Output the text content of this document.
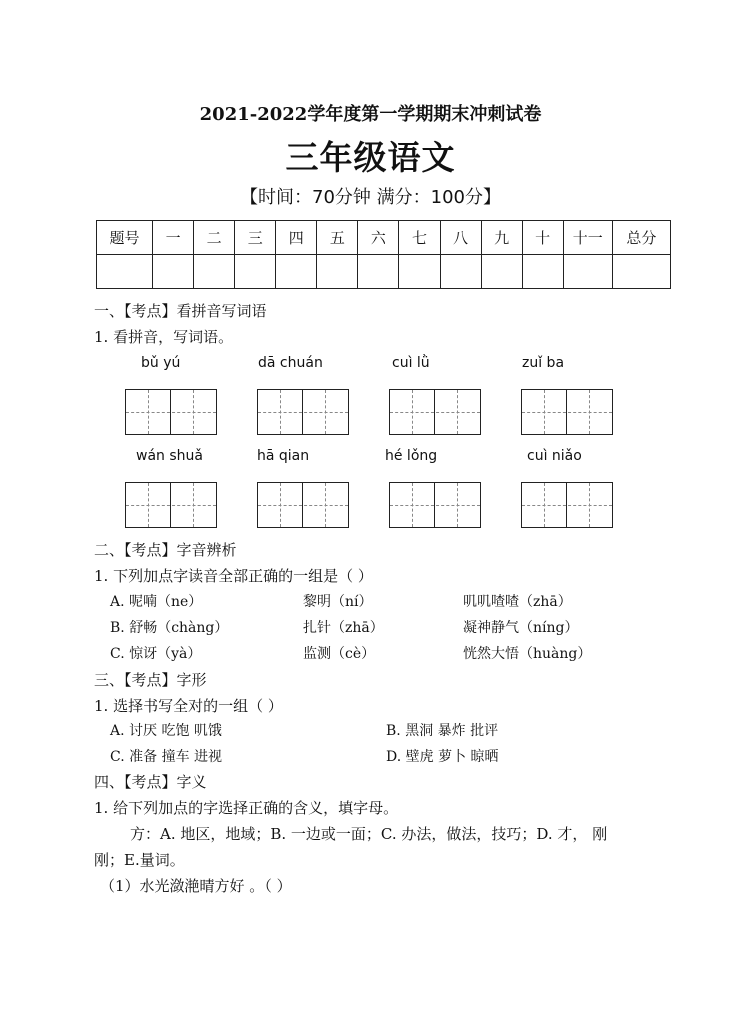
2021-2022学年度第一学期期末冲刺试卷
三年级语文
【时间：70分钟 满分：100分】
题号	一	二	三	四	五	六	七	八	九	十	十一	总分

一、【考点】看拼音写词语
1. 看拼音，写词语。
bǔ yú	dā chuán	cuì lǜ	zuǐ ba
wán shuǎ	hā qian	hé lǒng	cuì niǎo
二、【考点】字音辨析
1. 下列加点字读音全部正确的一组是（ ）
A. 呢喃（ne）	黎明（ní）	叽叽喳喳（zhā）
B. 舒畅（chàng）	扎针（zhā）	凝神静气（níng）
C. 惊讶（yà）	监测（cè）	恍然大悟（huàng）
三、【考点】字形
1. 选择书写全对的一组（ ）
A. 讨厌 吃饱 叽饿	B. 黑洞 暴炸 批评
C. 准备 撞车 进视	D. 壁虎 萝卜 晾晒
四、【考点】字义
1. 给下列加点的字选择正确的含义，填字母。
方：A. 地区，地域；B. 一边或一面；C. 办法，做法，技巧；D. 才， 刚
刚；E.量词。
（1）水光潋滟晴方好 。（ ）
